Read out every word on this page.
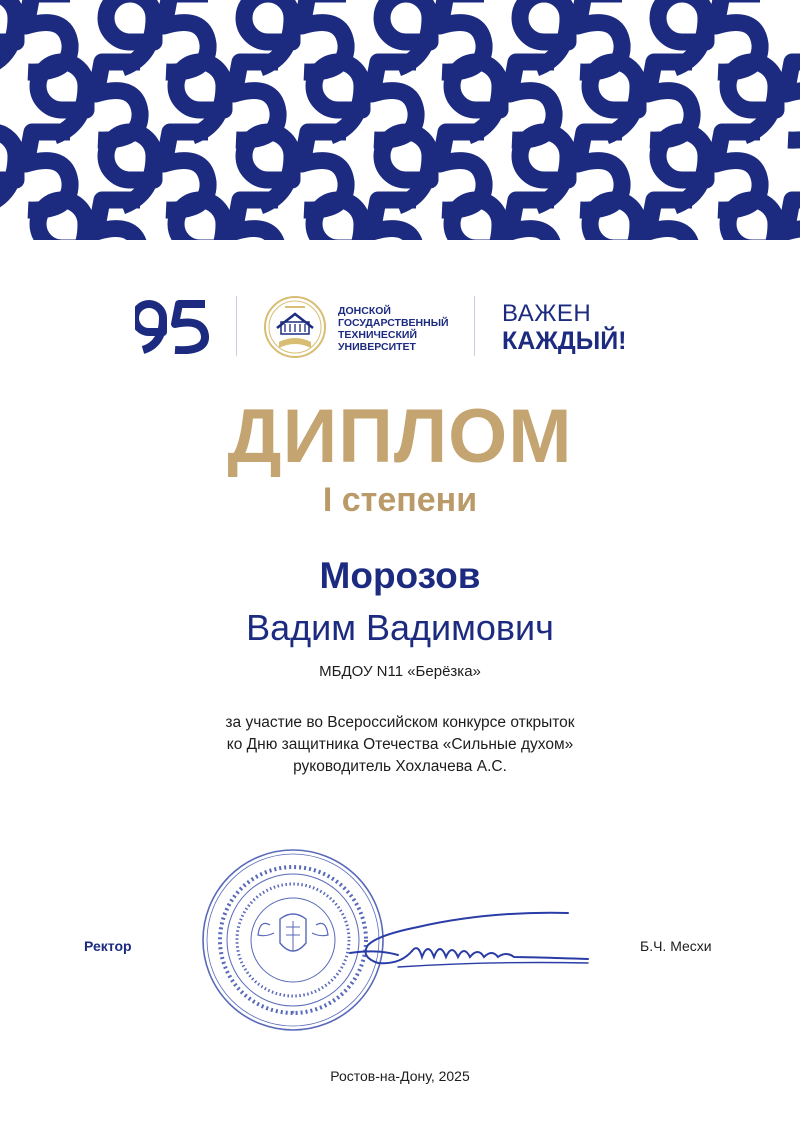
ДОНСКОЙ
ГОСУДАРСТВЕННЫЙ
ТЕХНИЧЕСКИЙ
УНИВЕРСИТЕТ
ВАЖЕН
КАЖДЫЙ!
ДИПЛОМ
I степени
Морозов
Вадим Вадимович
МБДОУ N11 «Берёзка»
за участие во Всероссийском конкурсе открыток
ко Дню защитника Отечества «Сильные духом»
руководитель Хохлачева А.С.
Ректор
*
Б.Ч. Месхи
Ростов-на-Дону, 2025
